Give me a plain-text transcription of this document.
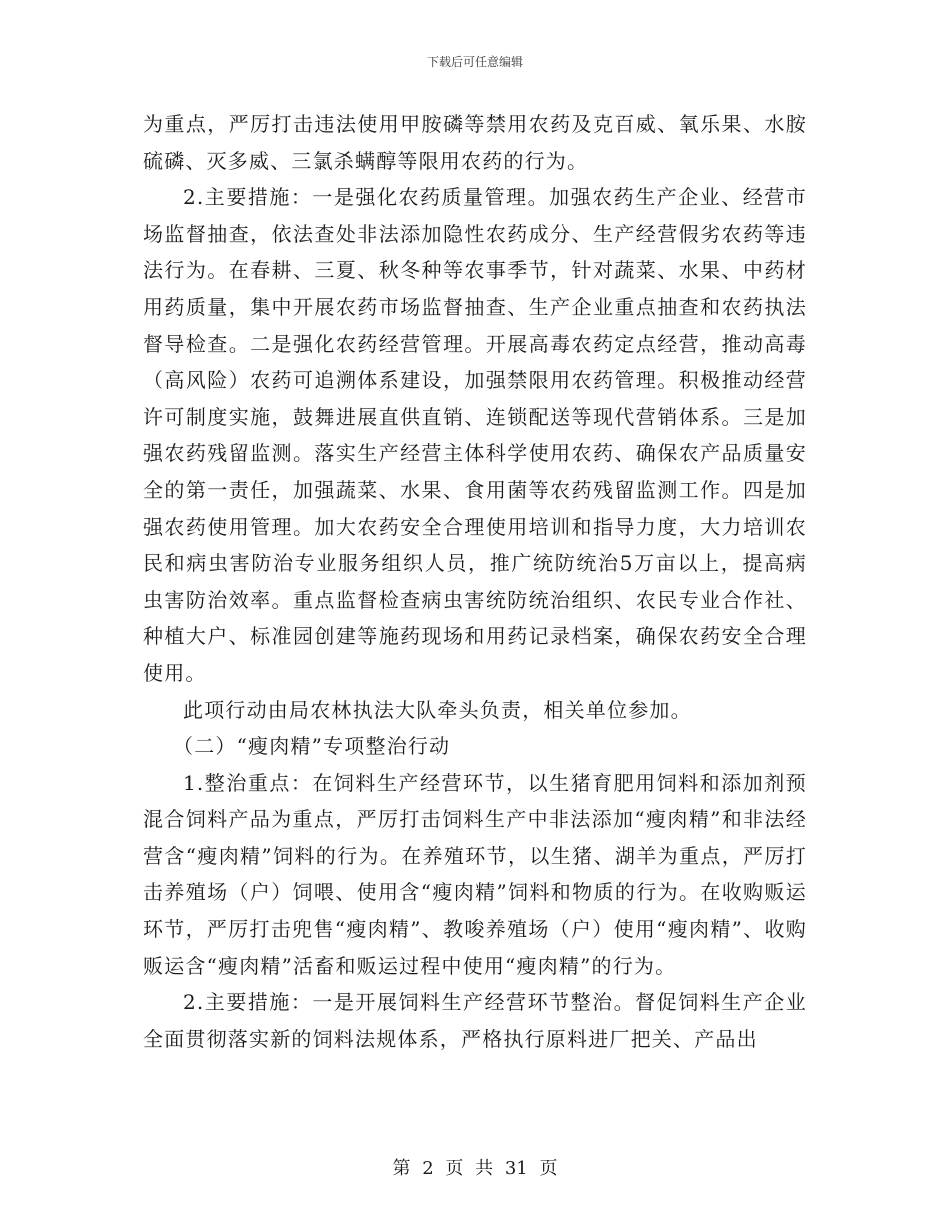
下载后可任意编辑

为重点，严厉打击违法使用甲胺磷等禁用农药及克百威、氧乐果、水胺硫磷、灭多威、三氯杀螨醇等限用农药的行为。

2.主要措施：一是强化农药质量管理。加强农药生产企业、经营市场监督抽查，依法查处非法添加隐性农药成分、生产经营假劣农药等违法行为。在春耕、三夏、秋冬种等农事季节，针对蔬菜、水果、中药材用药质量，集中开展农药市场监督抽查、生产企业重点抽查和农药执法督导检查。二是强化农药经营管理。开展高毒农药定点经营，推动高毒（高风险）农药可追溯体系建设，加强禁限用农药管理。积极推动经营许可制度实施，鼓舞进展直供直销、连锁配送等现代营销体系。三是加强农药残留监测。落实生产经营主体科学使用农药、确保农产品质量安全的第一责任，加强蔬菜、水果、食用菌等农药残留监测工作。四是加强农药使用管理。加大农药安全合理使用培训和指导力度，大力培训农民和病虫害防治专业服务组织人员，推广统防统治5万亩以上，提高病虫害防治效率。重点监督检查病虫害统防统治组织、农民专业合作社、种植大户、标准园创建等施药现场和用药记录档案，确保农药安全合理使用。

此项行动由局农林执法大队牵头负责，相关单位参加。

（二）“瘦肉精”专项整治行动

1.整治重点：在饲料生产经营环节，以生猪育肥用饲料和添加剂预混合饲料产品为重点，严厉打击饲料生产中非法添加“瘦肉精”和非法经营含“瘦肉精”饲料的行为。在养殖环节，以生猪、湖羊为重点，严厉打击养殖场（户）饲喂、使用含“瘦肉精”饲料和物质的行为。在收购贩运环节，严厉打击兜售“瘦肉精”、教唆养殖场（户）使用“瘦肉精”、收购贩运含“瘦肉精”活畜和贩运过程中使用“瘦肉精”的行为。

2.主要措施：一是开展饲料生产经营环节整治。督促饲料生产企业全面贯彻落实新的饲料法规体系，严格执行原料进厂把关、产品出

第 2 页 共 31 页
